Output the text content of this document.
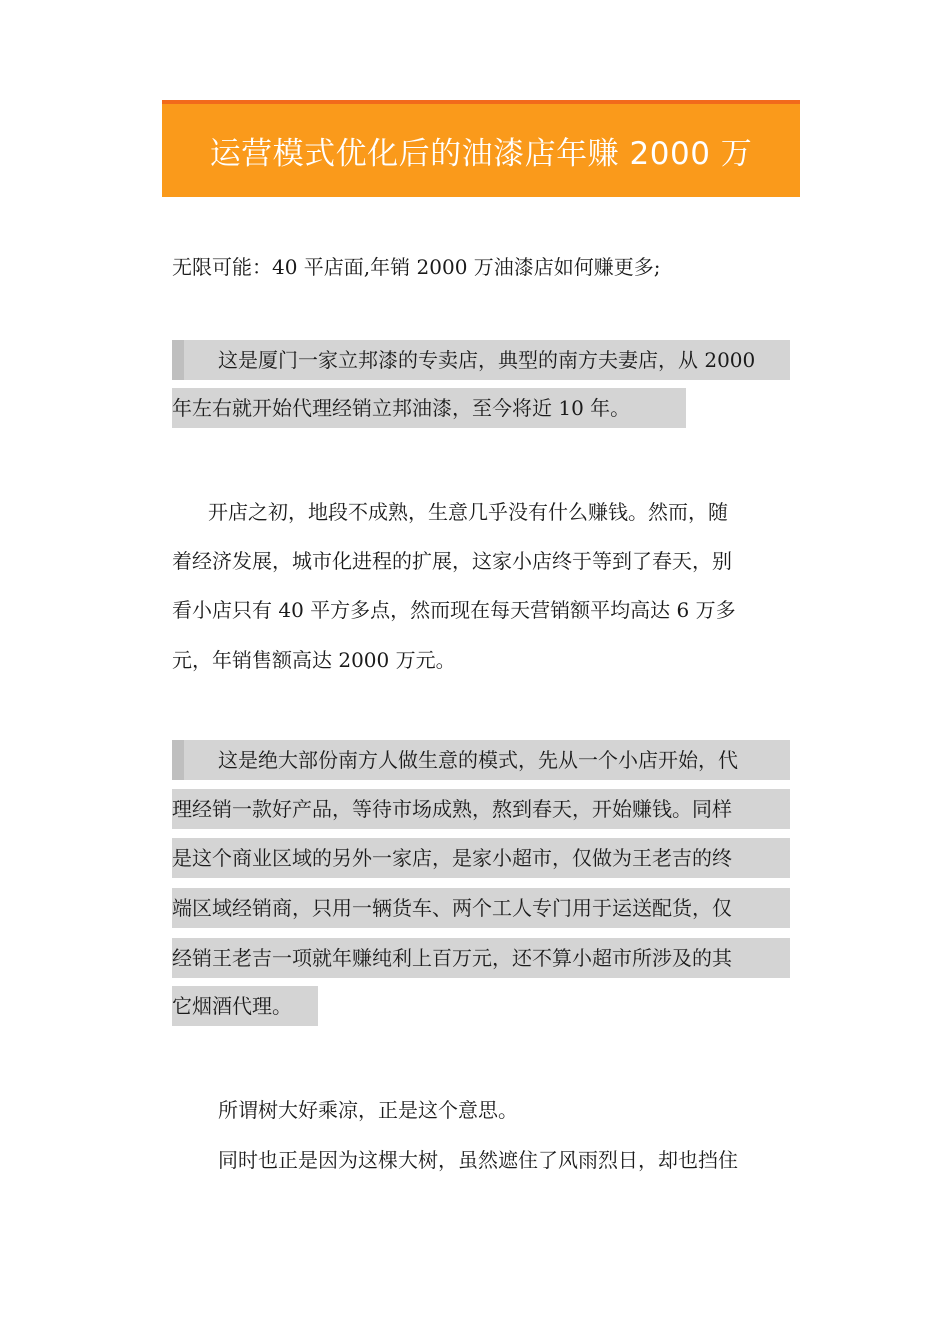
运营模式优化后的油漆店年赚 2000 万
无限可能：40 平店面,年销 2000 万油漆店如何赚更多;
这是厦门一家立邦漆的专卖店，典型的南方夫妻店，从 2000
年左右就开始代理经销立邦油漆，至今将近 10 年。
开店之初，地段不成熟，生意几乎没有什么赚钱。然而，随
着经济发展，城市化进程的扩展，这家小店终于等到了春天，别
看小店只有 40 平方多点，然而现在每天营销额平均高达 6 万多
元，年销售额高达 2000 万元。
这是绝大部份南方人做生意的模式，先从一个小店开始，代
理经销一款好产品，等待市场成熟，熬到春天，开始赚钱。同样
是这个商业区域的另外一家店，是家小超市，仅做为王老吉的终
端区域经销商，只用一辆货车、两个工人专门用于运送配货，仅
经销王老吉一项就年赚纯利上百万元，还不算小超市所涉及的其
它烟酒代理。
所谓树大好乘凉，正是这个意思。
同时也正是因为这棵大树，虽然遮住了风雨烈日，却也挡住
